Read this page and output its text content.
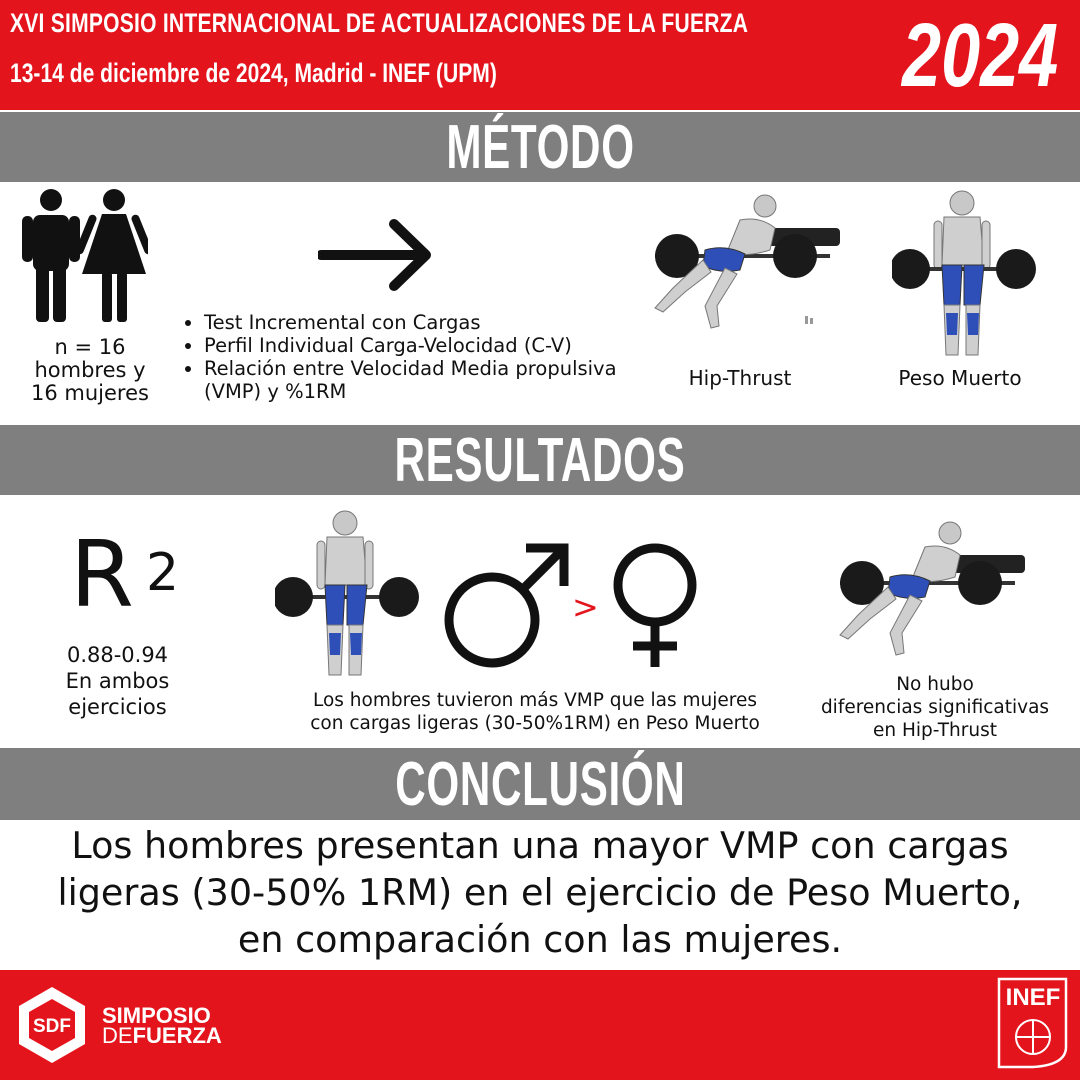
XVI SIMPOSIO INTERNACIONAL DE ACTUALIZACIONES DE LA FUERZA
13-14 de diciembre de 2024, Madrid - INEF (UPM)	2024
MÉTODO
n = 16
hombres y
16 mujeres
• Test Incremental con Cargas
• Perfil Individual Carga-Velocidad (C-V)
• Relación entre Velocidad Media propulsiva (VMP) y %1RM
Hip-Thrust	Peso Muerto
RESULTADOS
R $^2$
0.88-0.94
En ambos
ejercicios
>
Los hombres tuvieron más VMP que las mujeres
con cargas ligeras (30-50%1RM) en Peso Muerto
No hubo
diferencias significativas
en Hip-Thrust
CONCLUSIÓN
Los hombres presentan una mayor VMP con cargas
ligeras (30-50% 1RM) en el ejercicio de Peso Muerto,
en comparación con las mujeres.
SDF SIMPOSIO
DEFUERZA
INEF
